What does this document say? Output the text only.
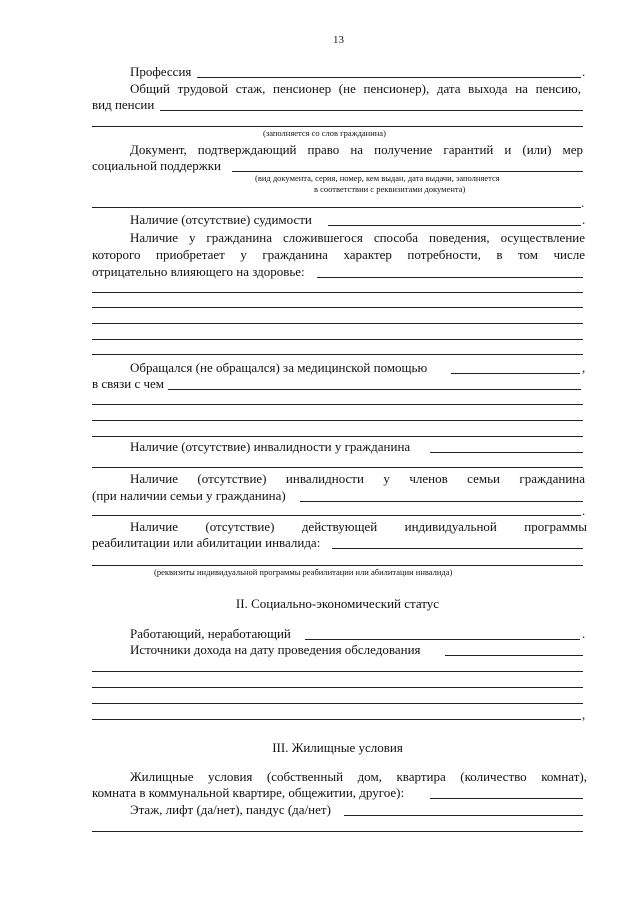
13
Профессия	.
Общий трудовой стаж, пенсионер (не пенсионер), дата выхода на пенсию,
вид пенсии
(заполняется со слов гражданина)
Документ, подтверждающий право на получение гарантий и (или) мер
социальной поддержки
(вид документа, серия, номер, кем выдан, дата выдачи, заполняется
в соответствии с реквизитами документа)
.
Наличие (отсутствие) судимости	.
Наличие у гражданина сложившегося способа поведения, осуществление
которого приобретает у гражданина характер потребности, в том числе
отрицательно влияющего на здоровье:
Обращался (не обращался) за медицинской помощью	,
в связи с чем
Наличие (отсутствие) инвалидности у гражданина
Наличие (отсутствие) инвалидности у членов семьи гражданина
(при наличии семьи у гражданина)
.
Наличие (отсутствие) действующей индивидуальной программы
реабилитации или абилитации инвалида:
(реквизиты индивидуальной программы реабилитации или абилитации инвалида)
II. Социально-экономический статус
Работающий, неработающий	.
Источники дохода на дату проведения обследования
,
III. Жилищные условия
Жилищные условия (собственный дом, квартира (количество комнат),
комната в коммунальной квартире, общежитии, другое):
Этаж, лифт (да/нет), пандус (да/нет)
